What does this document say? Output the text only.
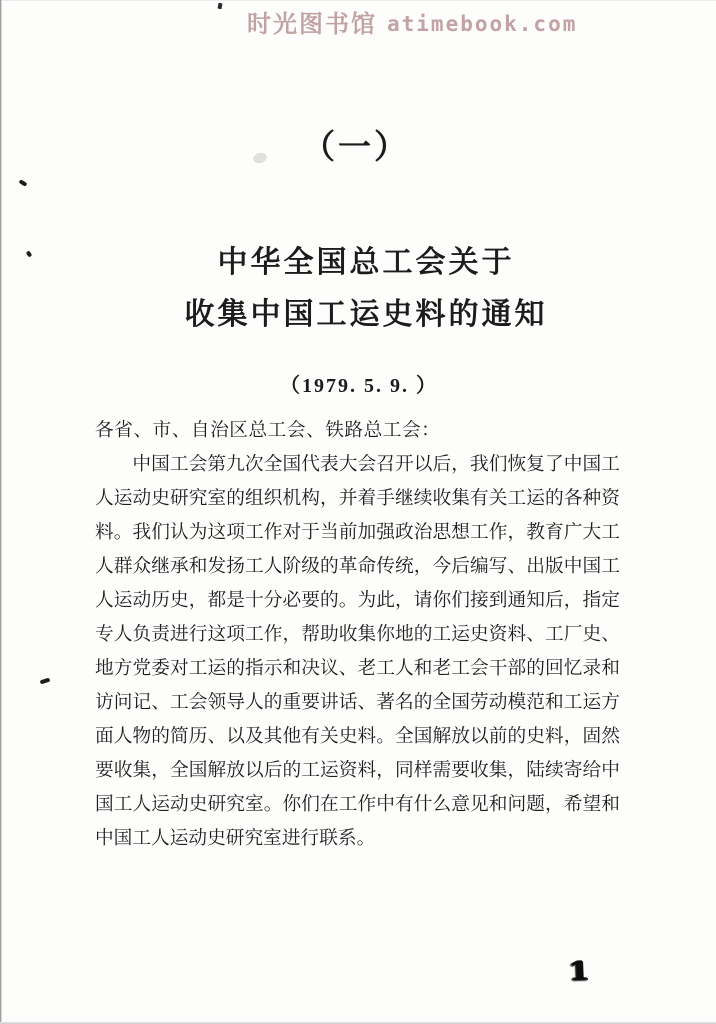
时光图书馆 atimebook.com
（一）
中华全国总工会关于
收集中国工运史料的通知
（1979. 5. 9. ）
各省、市、自治区总工会、铁路总工会：
中国工会第九次全国代表大会召开以后，我们恢复了中国工
人运动史研究室的组织机构，并着手继续收集有关工运的各种资
料。我们认为这项工作对于当前加强政治思想工作，教育广大工
人群众继承和发扬工人阶级的革命传统，今后编写、出版中国工
人运动历史，都是十分必要的。为此，请你们接到通知后，指定
专人负责进行这项工作，帮助收集你地的工运史资料、工厂史、
地方党委对工运的指示和决议、老工人和老工会干部的回忆录和
访问记、工会领导人的重要讲话、著名的全国劳动模范和工运方
面人物的简历、以及其他有关史料。全国解放以前的史料，固然
要收集，全国解放以后的工运资料，同样需要收集，陆续寄给中
国工人运动史研究室。你们在工作中有什么意见和问题，希望和
中国工人运动史研究室进行联系。
1
